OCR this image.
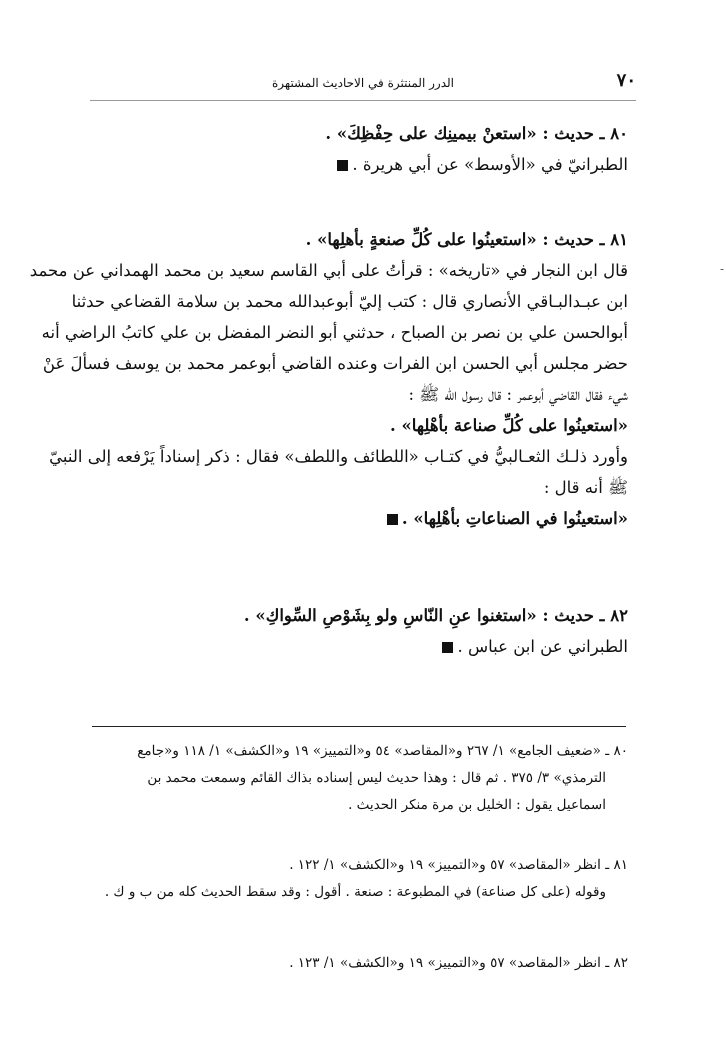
٧٠
الدرر المنتثرة في الاحاديث المشتهرة
٨٠ ـ حديث : «استعنْ بيمينِك على حِفْظِكَ» .
الطبرانيّ في «الأوسط» عن أبي هريرة .
٨١ ـ حديث : «استعينُوا على كُلِّ صنعةٍ بأهلِها» .
قال ابن النجار في «تاريخه» : قرأتُ على أبي القاسم سعيد بن محمد الهمداني عن محمد
ابن عبـدالبـاقي الأنصاري قال : كتب إليّ أبوعبدالله محمد بن سلامة القضاعي حدثنا
أبوالحسن علي بن نصر بن الصباح ، حدثني أبو النضر المفضل بن علي كاتبُ الراضي أنه
حضر مجلس أبي الحسن ابن الفرات وعنده القاضي أبوعمر محمد بن يوسف فسألَ عَنْ
شيء فقال القاضي أبوعمر : قال رسول الله ﷺ :
«استعينُوا على كُلِّ صناعة بأهْلِها» .
وأورد ذلـك الثعـالبيُّ في كتـاب «اللطائف واللطف» فقال : ذكر إسناداً يَرْفعه إلى النبيّ
ﷺ أنه قال :
«استعينُوا في الصناعاتِ بأهْلِها» .
٨٢ ـ حديث : «استغنوا عنِ النّاسِ ولو بِشَوْصِ السِّواكِ» .
الطبراني عن ابن عباس .
٨٠ ـ «ضعيف الجامع» ١/ ٢٦٧ و«المقاصد» ٥٤ و«التمييز» ١٩ و«الكشف» ١/ ١١٨ و«جامع
الترمذي» ٣/ ٣٧٥ . ثم قال : وهذا حديث ليس إسناده بذاك القائم وسمعت محمد بن
اسماعيل يقول : الخليل بن مرة منكر الحديث .
٨١ ـ انظر «المقاصد» ٥٧ و«التمييز» ١٩ و«الكشف» ١/ ١٢٢ .
وقوله (على كل صناعة) في المطبوعة : صنعة . أقول : وقد سقط الحديث كله من ب و ك .
٨٢ ـ انظر «المقاصد» ٥٧ و«التمييز» ١٩ و«الكشف» ١/ ١٢٣ .
-
